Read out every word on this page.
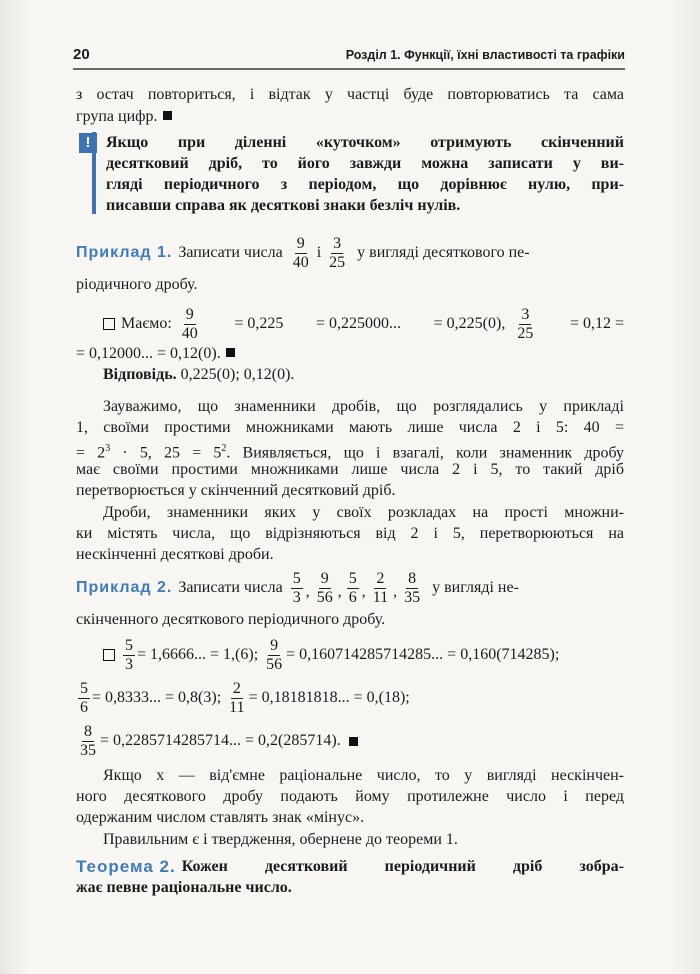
20	Розділ 1. Функції, їхні властивості та графіки
з остач повториться, і відтак у частці буде повторюватись та сама
група цифр.
! Якщо при діленні «куточком» отримують скінченний
десятковий дріб, то його завжди можна записати у ви-
гляді періодичного з періодом, що дорівнює нулю, при-
писавши справа як десяткові знаки безліч нулів.
Приклад 1. Записати числа $\frac{9}{40}$ і $\frac{3}{25}$ у вигляді десяткового пе-
ріодичного дробу.
Маємо: $\frac{9}{40} = 0,225 = 0,225000$... = 0,225(0), $\frac{3}{25} = 0,12$ =
= 0,12000... = 0,12(0).
Відповідь. 0,225(0); 0,12(0).
Зауважимо, що знаменники дробів, що розглядались у прикладі
1, своїми простими множниками мають лише числа 2 і 5: 40 =
= $2^3 \cdot 5$, $25 = 5^2$. Виявляється, що і взагалі, коли знаменник дробу
має своїми простими множниками лише числа 2 і 5, то такий дріб
перетворюється у скінченний десятковий дріб.
Дроби, знаменники яких у своїх розкладах на прості множни-
ки містять числа, що відрізняються від 2 і 5, перетворюються на
нескінченні десяткові дроби.
Приклад 2. Записати числа $\frac{5}{3}$ , $\frac{9}{56}$ , $\frac{5}{6}$ , $\frac{2}{11}$ , $\frac{8}{35}$ у вигляді не-
скінченного десяткового періодичного дробу.
$\frac{5}{3} = 1,6666$... = 1,(6); $\frac{9}{56} = 0,160714285714285$... = 0,160(714285);
$\frac{5}{6} = 0,8333$... = 0,8(3); $\frac{2}{11} = 0,18181818$... = 0,(18);
$\frac{8}{35} = 0,2285714285714$... = 0,2(285714).
Якщо x — від'ємне раціональне число, то у вигляді нескінчен-
ного десяткового дробу подають йому протилежне число і перед
одержаним числом ставлять знак «мінус».
Правильним є і твердження, обернене до теореми 1.
Теорема 2. Кожен десятковий періодичний дріб зобра-
жає певне раціональне число.
